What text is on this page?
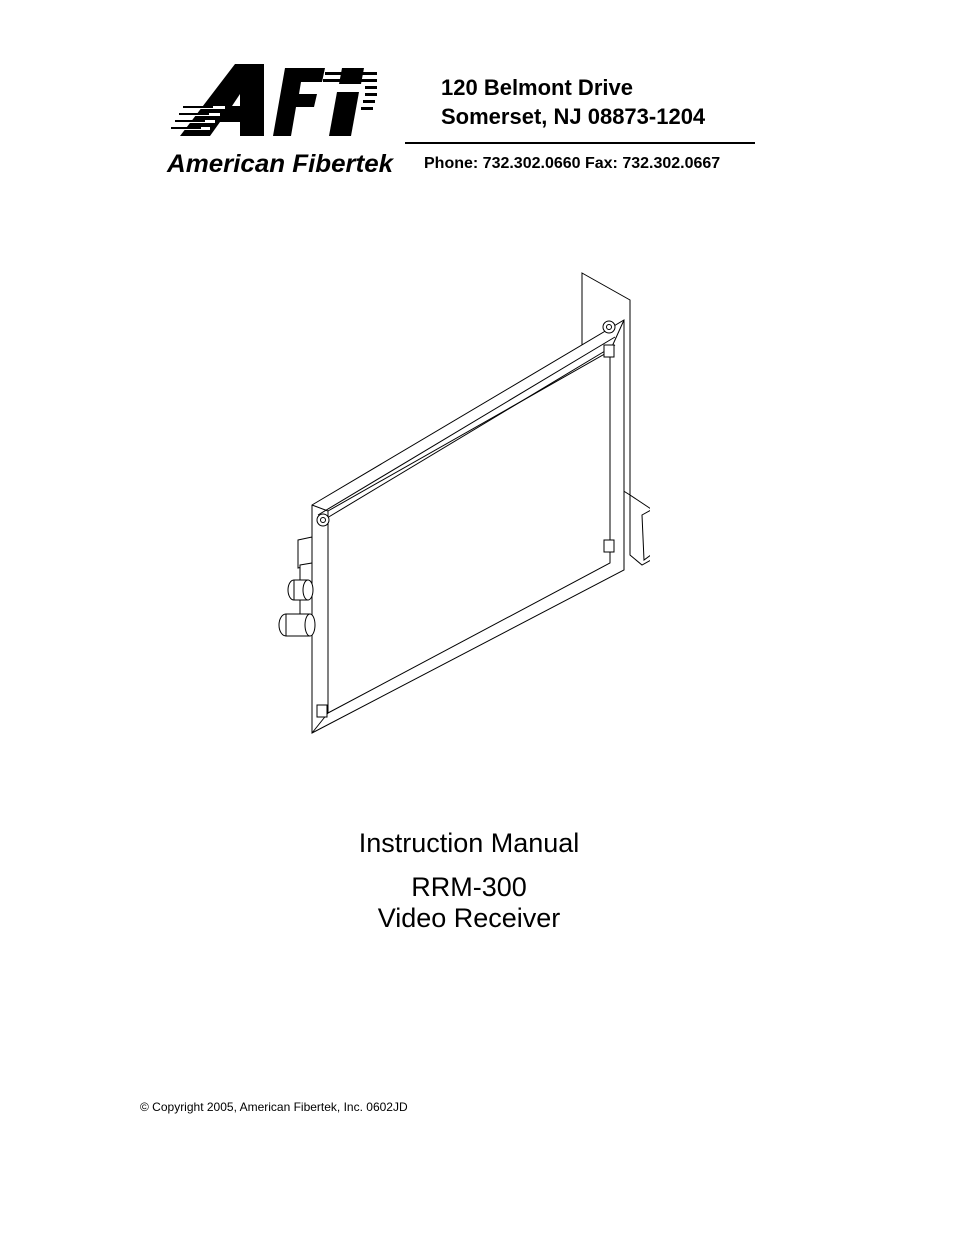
American Fibertek
120 Belmont Drive
Somerset, NJ 08873-1204
Phone: 732.302.0660 Fax: 732.302.0667
Instruction Manual
RRM-300
Video Receiver
© Copyright 2005, American Fibertek, Inc. 0602JD
